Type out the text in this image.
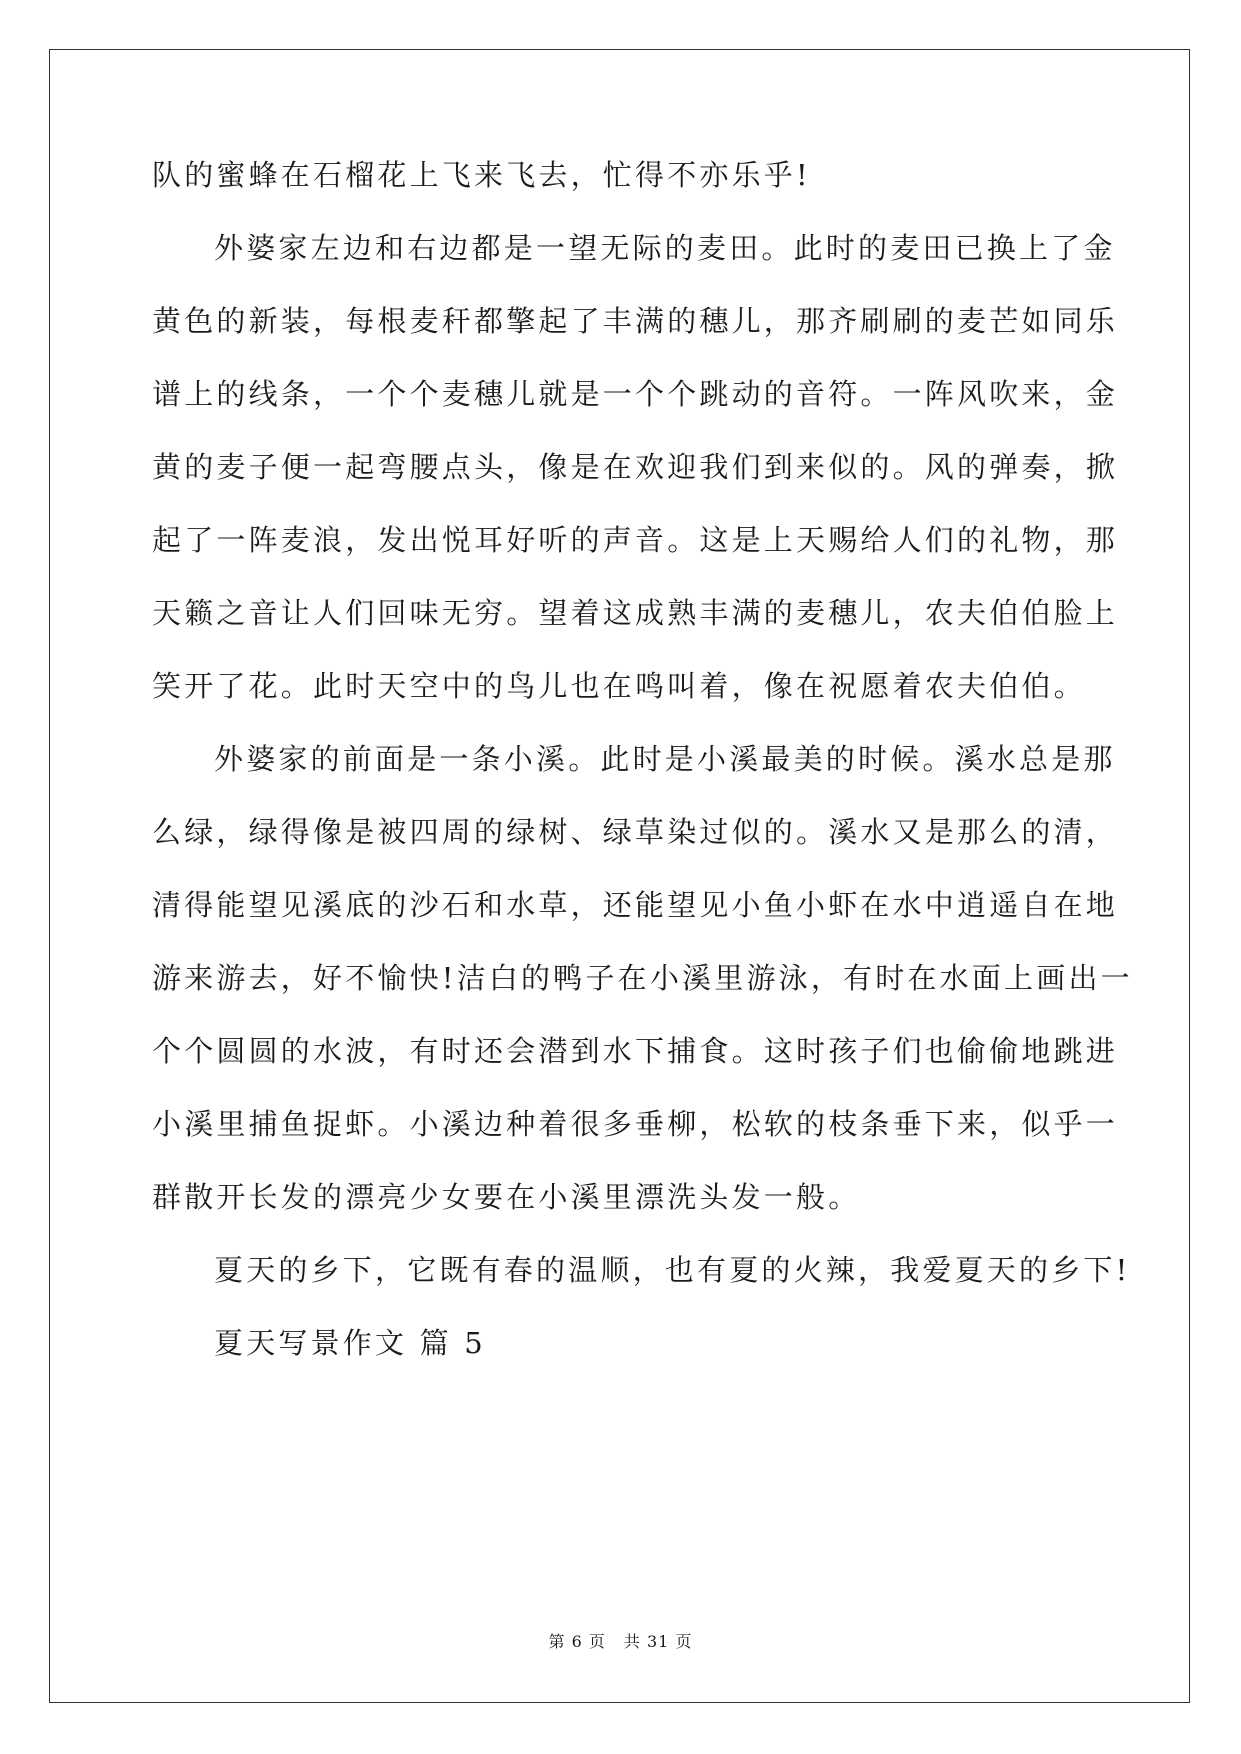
队的蜜蜂在石榴花上飞来飞去，忙得不亦乐乎!
外婆家左边和右边都是一望无际的麦田。此时的麦田已换上了金
黄色的新装，每根麦秆都擎起了丰满的穗儿，那齐刷刷的麦芒如同乐
谱上的线条，一个个麦穗儿就是一个个跳动的音符。一阵风吹来，金
黄的麦子便一起弯腰点头，像是在欢迎我们到来似的。风的弹奏，掀
起了一阵麦浪，发出悦耳好听的声音。这是上天赐给人们的礼物，那
天籁之音让人们回味无穷。望着这成熟丰满的麦穗儿，农夫伯伯脸上
笑开了花。此时天空中的鸟儿也在鸣叫着，像在祝愿着农夫伯伯。
外婆家的前面是一条小溪。此时是小溪最美的时候。溪水总是那
么绿，绿得像是被四周的绿树、绿草染过似的。溪水又是那么的清，
清得能望见溪底的沙石和水草，还能望见小鱼小虾在水中逍遥自在地
游来游去，好不愉快!洁白的鸭子在小溪里游泳，有时在水面上画出一
个个圆圆的水波，有时还会潜到水下捕食。这时孩子们也偷偷地跳进
小溪里捕鱼捉虾。小溪边种着很多垂柳，松软的枝条垂下来，似乎一
群散开长发的漂亮少女要在小溪里漂洗头发一般。
夏天的乡下，它既有春的温顺，也有夏的火辣，我爱夏天的乡下!
夏天写景作文 篇 5
第 6 页 共 31 页
